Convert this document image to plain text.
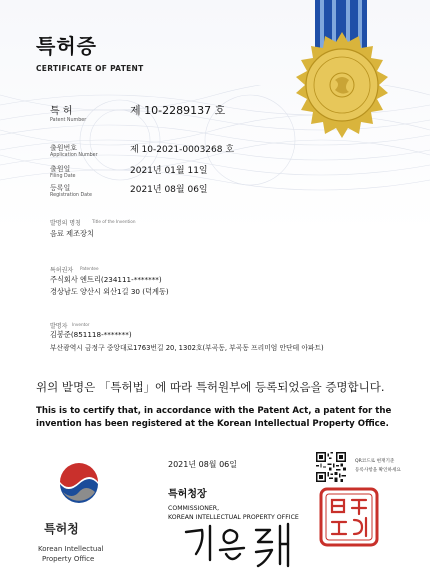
특허증
CERTIFICATE OF PATENT
특 허
Patent Number
제 10-2289137 호
출원번호
Application Number
제 10-2021-0003268 호
출원일
Filing Date
2021년 01월 11일
등록일
Registration Date
2021년 08월 06일
발명의 명칭	Title of the Invention
음료 제조장치
특허권자 Patentee
주식회사 엔트리(234111-*******)
경상남도 양산시 외산1길 30 (덕계동)
발명자 Inventor
김봉준(851118-*******)
부산광역시 금정구 중앙대로1763번길 20, 1302호(부곡동, 부곡동 프리미엄 안단테 아파트)
위의 발명은 「특허법」에 따라 특허원부에 등록되었음을 증명합니다.
This is to certify that, in accordance with the Patent Act, a patent for the invention has been registered at the Korean Intellectual Property Office.
2021년 08월 06일
특허청장
COMMISSIONER,
KOREAN INTELLECTUAL PROPERTY OFFICE
QR코드로 현재기준
등록사항을 확인하세요
특허청
Korean Intellectual
Property Office
